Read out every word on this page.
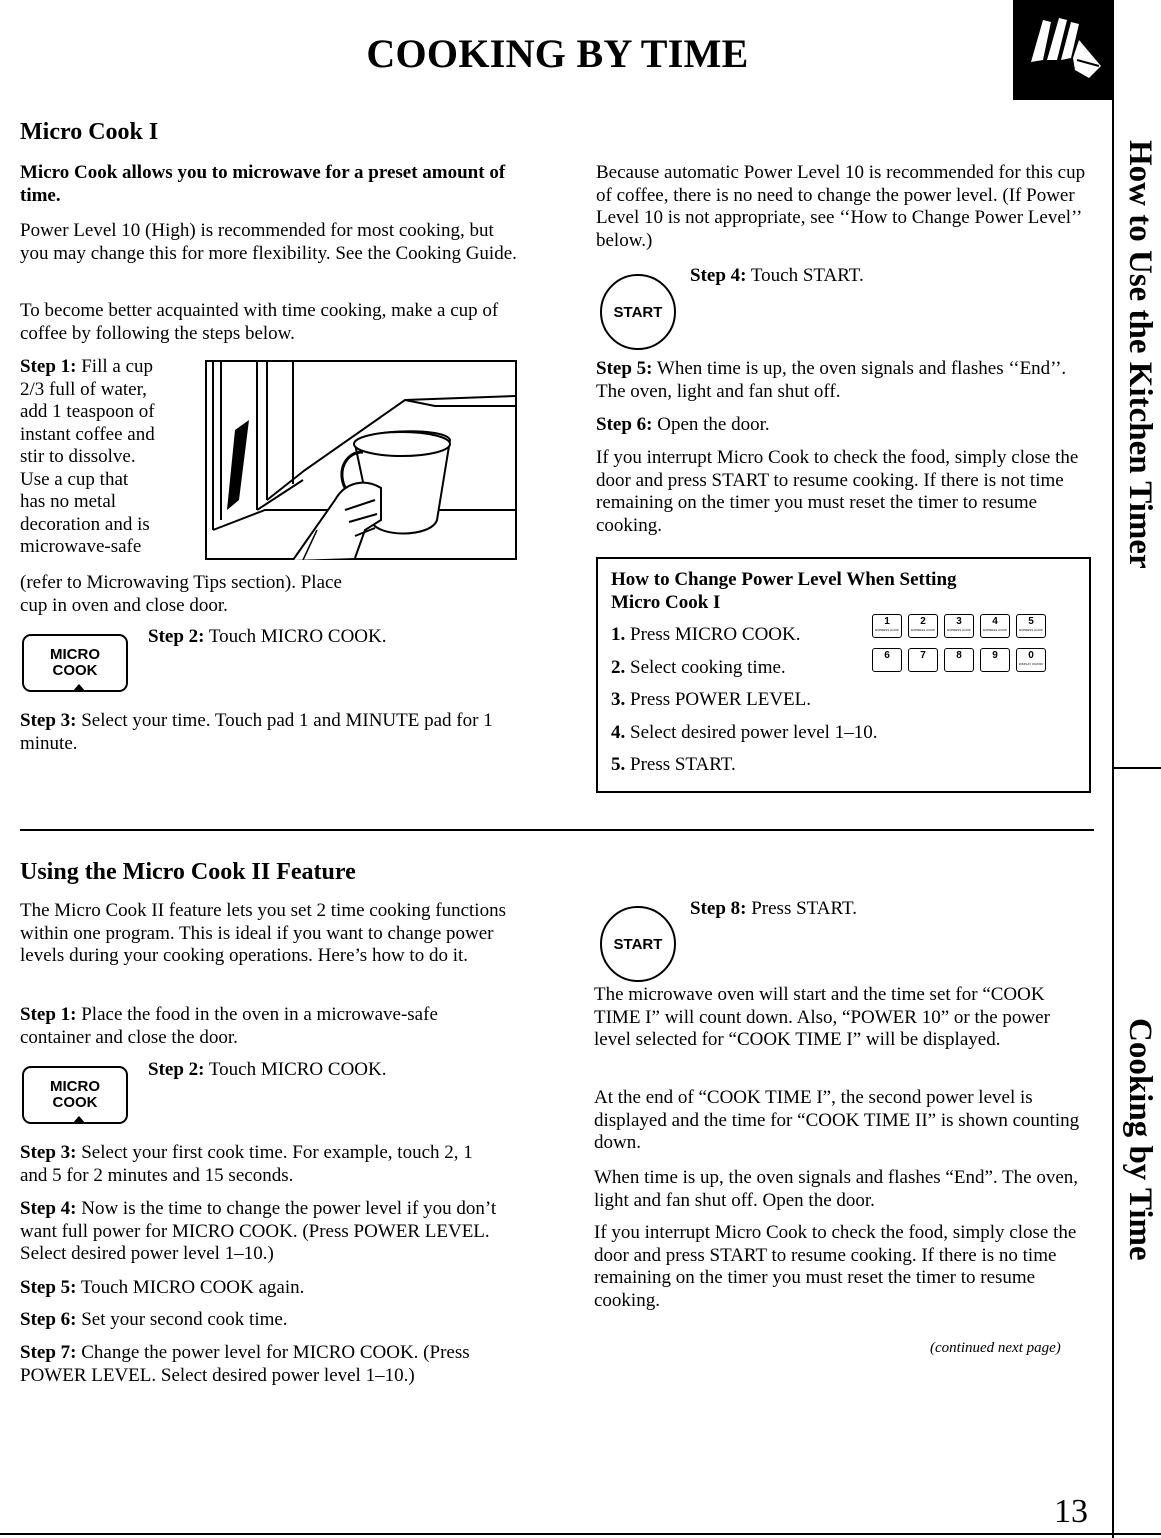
COOKING BY TIME
How to Use the Kitchen Timer
Cooking by Time
Micro Cook I

Micro Cook allows you to microwave for a preset amount of time.

Power Level 10 (High) is recommended for most cooking, but you may change this for more flexibility. See the Cooking Guide.

To become better acquainted with time cooking, make a cup of coffee by following the steps below.

Step 1: Fill a cup
2/3 full of water,
add 1 teaspoon of
instant coffee and
stir to dissolve.
Use a cup that
has no metal
decoration and is
microwave-safe

(refer to Microwaving Tips section). Place cup in oven and close door.

MICRO
COOK

Step 2: Touch MICRO COOK.

Step 3: Select your time. Touch pad 1 and MINUTE pad for 1 minute.

Because automatic Power Level 10 is recommended for this cup of coffee, there is no need to change the power level. (If Power Level 10 is not appropriate, see ‘‘How to Change Power Level’’ below.)

START

Step 4: Touch START.

Step 5: When time is up, the oven signals and flashes ‘‘End’’. The oven, light and fan shut off.

Step 6: Open the door.

If you interrupt Micro Cook to check the food, simply close the door and press START to resume cooking. If there is not time remaining on the timer you must reset the timer to resume cooking.

How to Change Power Level When Setting
Micro Cook I

1. Press MICRO COOK.

2. Select cooking time.

3. Press POWER LEVEL.

4. Select desired power level 1–10.

5. Press START.

1
EXPRESS COOK
2
EXPRESS COOK
3
EXPRESS COOK
4
EXPRESS COOK
5
EXPRESS COOK
6	7	8	9	0
DISPLAY ON/OFF
Using the Micro Cook II Feature

The Micro Cook II feature lets you set 2 time cooking functions within one program. This is ideal if you want to change power levels during your cooking operations. Here’s how to do it.

Step 1: Place the food in the oven in a microwave-safe container and close the door.

MICRO
COOK

Step 2: Touch MICRO COOK.

Step 3: Select your first cook time. For example, touch 2, 1 and 5 for 2 minutes and 15 seconds.

Step 4: Now is the time to change the power level if you don’t want full power for MICRO COOK. (Press POWER LEVEL. Select desired power level 1–10.)

Step 5: Touch MICRO COOK again.

Step 6: Set your second cook time.

Step 7: Change the power level for MICRO COOK. (Press POWER LEVEL. Select desired power level 1–10.)

START

Step 8: Press START.

The microwave oven will start and the time set for “COOK TIME I” will count down. Also, “POWER 10” or the power level selected for “COOK TIME I” will be displayed.

At the end of “COOK TIME I”, the second power level is displayed and the time for “COOK TIME II” is shown counting down.

When time is up, the oven signals and flashes “End”. The oven, light and fan shut off. Open the door.

If you interrupt Micro Cook to check the food, simply close the door and press START to resume cooking. If there is no time remaining on the timer you must reset the timer to resume cooking.

(continued next page)
13
